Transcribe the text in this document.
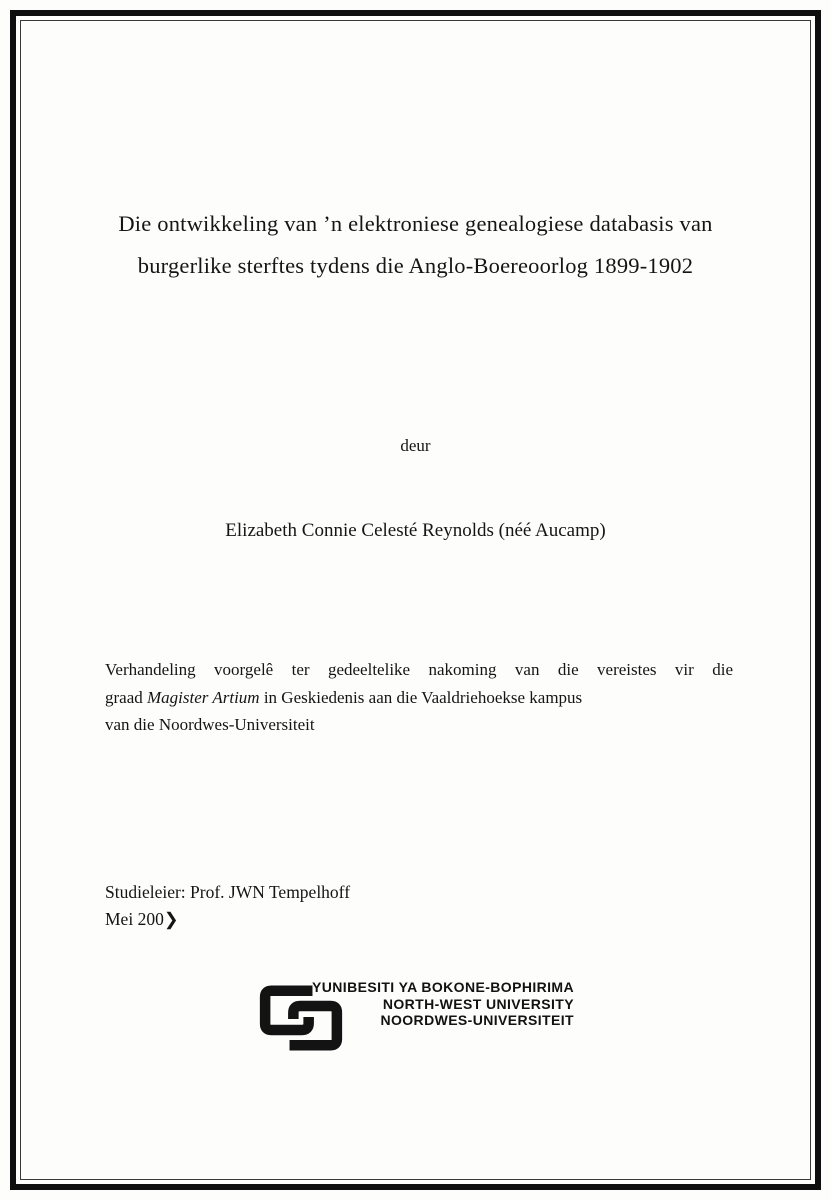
Die ontwikkeling van ’n elektroniese genealogiese databasis van
burgerlike sterftes tydens die Anglo-Boereoorlog 1899-1902
deur
Elizabeth Connie Celesté Reynolds (néé Aucamp)
Verhandeling voorgelê ter gedeeltelike nakoming van die vereistes vir die
graad Magister Artium in Geskiedenis aan die Vaaldriehoekse kampus
van die Noordwes-Universiteit
Studieleier: Prof. JWN Tempelhoff
Mei 200❯
YUNIBESITI YA BOKONE-BOPHIRIMA
NORTH-WEST UNIVERSITY
NOORDWES-UNIVERSITEIT
